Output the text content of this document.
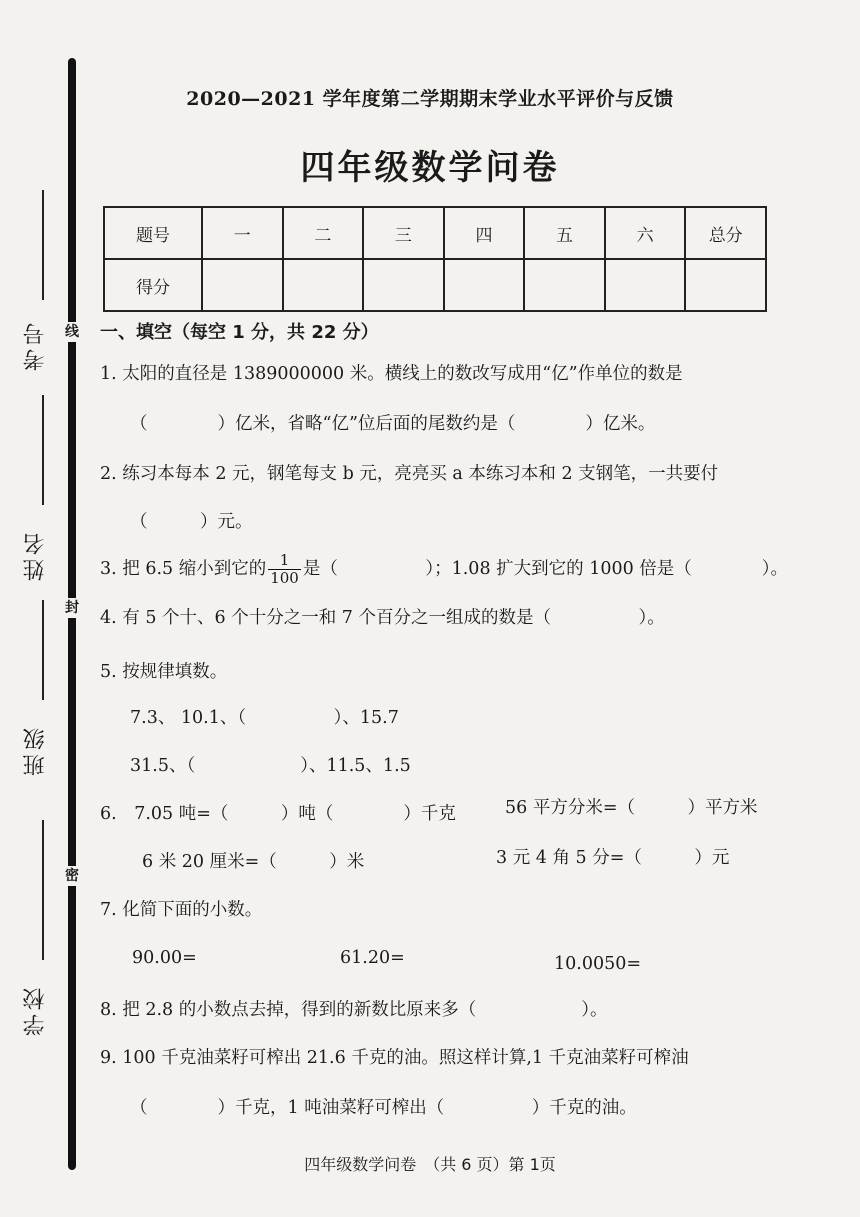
线
封
密
考号
姓名
班级
学校
2020—2021 学年度第二学期期末学业水平评价与反馈
四年级数学问卷
题号	一	二	三	四	五	六	总分
得分							
一、填空（每空 1 分，共 22 分）
1. 太阳的直径是 1389000000 米。横线上的数改写成用“亿”作单位的数是
（　　　　）亿米，省略“亿”位后面的尾数约是（　　　　）亿米。
2. 练习本每本 2 元，钢笔每支 b 元，亮亮买 a 本练习本和 2 支钢笔，一共要付
（　　　）元。
3. 把 6.5 缩小到它的 $\frac{1}{100}$ 是（　　　　　）；1.08 扩大到它的 1000 倍是（　　　　）。
4. 有 5 个十、6 个十分之一和 7 个百分之一组成的数是（　　　　　）。
5. 按规律填数。
7.3、 10.1、（　　　　　）、15.7
31.5、（　　　　　　）、11.5、1.5
6.　7.05 吨=（　　　）吨（　　　　）千克	56 平方分米=（　　　）平方米
6 米 20 厘米=（　　　）米	3 元 4 角 5 分=（　　　）元
7. 化简下面的小数。
90.00=	61.20=	10.0050=
8. 把 2.8 的小数点去掉，得到的新数比原来多（　　　　　　）。
9. 100 千克油菜籽可榨出 21.6 千克的油。照这样计算,1 千克油菜籽可榨油
（　　　　）千克，1 吨油菜籽可榨出（　　　　　）千克的油。
四年级数学问卷　（共 6 页）第 1页
